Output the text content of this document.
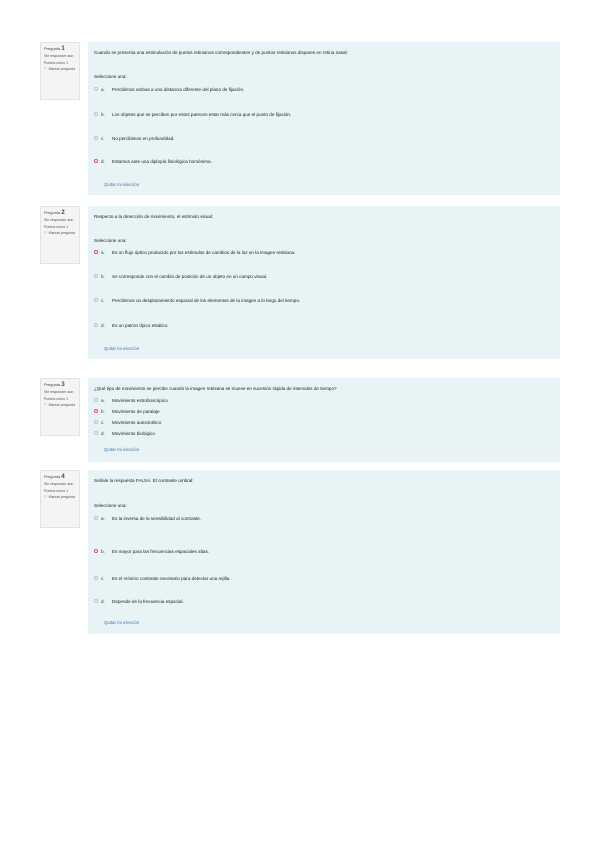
Pregunta 1
Sin responder aún
Puntúa como 1
⚐ Marcar pregunta
Cuando se presenta una estimulación de puntos retinianos correspondientes y de puntos retinianos dispares en retina nasal:
Seleccione una:
a.	Percibimos ambas a una distancia diferente del plano de fijación.
b.	Los objetos que se perciben por estos parecen estar más cerca que el punto de fijación.
c.	No percibimos en profundidad.
d.	Estamos ante una diplopía fisiológica homónima.
Quitar mi elección
Pregunta 2
Sin responder aún
Puntúa como 1
⚐ Marcar pregunta
Respecto a la detección de movimiento, el estímulo visual:
Seleccione una:
a.	Es un flujo óptico producido por los estímulos de cambios de la luz en la imagen retiniana.
b.	Se corresponde con el cambio de posición de un objeto en un campo visual.
c.	Percibimos un desplazamiento espacial de los elementos de la imagen a lo largo del tiempo.
d.	Es un patrón típico estático.
Quitar mi elección
Pregunta 3
Sin responder aún
Puntúa como 1
⚐ Marcar pregunta
¿Qué tipo de movimiento se percibe cuando la imagen retiniana se mueve en sucesión rápida de intervalos de tiempo?
a.	Movimiento estroboscópico
b.	Movimiento de paralaje
c.	Movimiento autocinético
d.	Movimiento biológico
Quitar mi elección
Pregunta 4
Sin responder aún
Puntúa como 1
⚐ Marcar pregunta
Señale la respuesta FALSA. El contraste umbral:
Seleccione una:
a.	Es la inversa de la sensibilidad al contraste.
b.	Es mayor para las frecuencias espaciales altas.
c.	Es el mínimo contraste necesario para detectar una rejilla.
d.	Depende de la frecuencia espacial.
Quitar mi elección
